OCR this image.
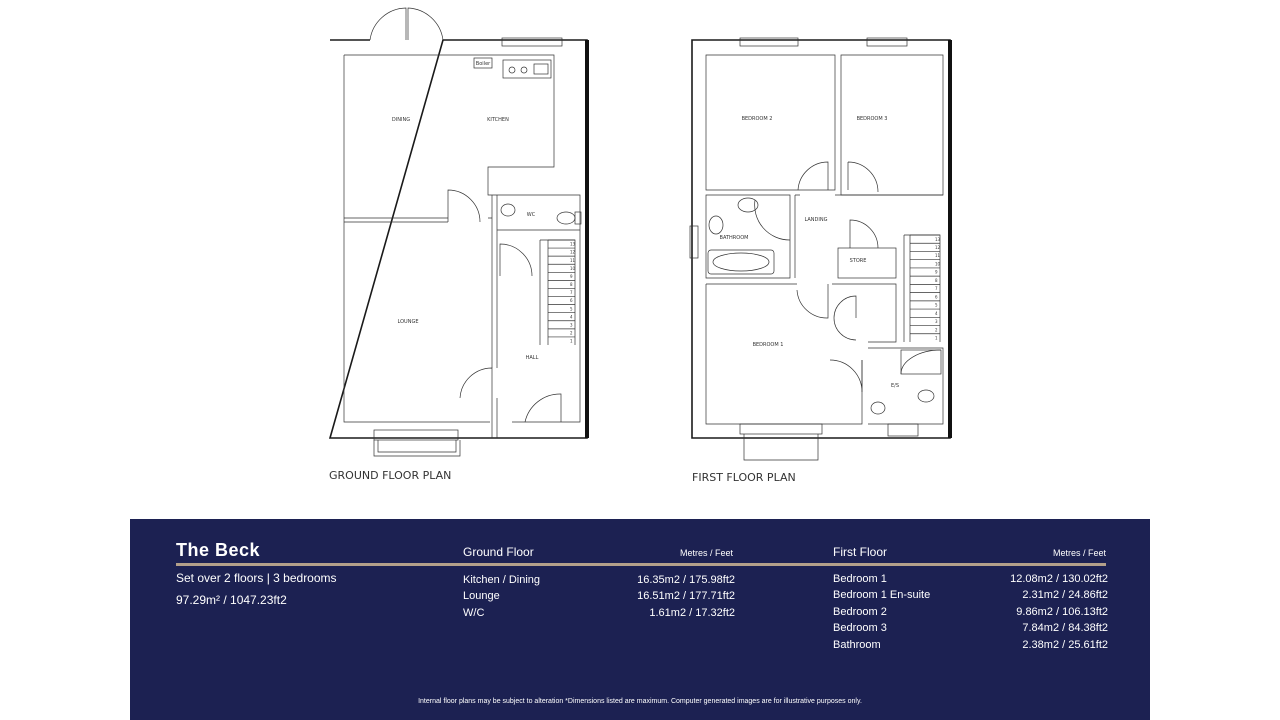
13
12
11
10
9
8
7
6
5
4
3
2
1
DINING	KITCHEN
WC
LOUNGE
HALL
Boiler
13
12
11
10
9
8
7
6
5
4
3
2
1
BEDROOM 2	BEDROOM 3
LANDING
BATHROOM
STORE
BEDROOM 1
E/S
GROUND FLOOR PLAN	FIRST FLOOR PLAN
The Beck
Set over 2 floors | 3 bedrooms
97.29m² / 1047.23ft2
Ground Floor	Metres / Feet
Kitchen / Dining	16.35m2 / 175.98ft2
Lounge	16.51m2 / 177.71ft2
W/C	1.61m2 / 17.32ft2
First Floor	Metres / Feet
Bedroom 1	12.08m2 / 130.02ft2
Bedroom 1 En-suite	2.31m2 / 24.86ft2
Bedroom 2	9.86m2 / 106.13ft2
Bedroom 3	7.84m2 / 84.38ft2
Bathroom	2.38m2 / 25.61ft2
Internal floor plans may be subject to alteration *Dimensions listed are maximum. Computer generated images are for illustrative purposes only.
